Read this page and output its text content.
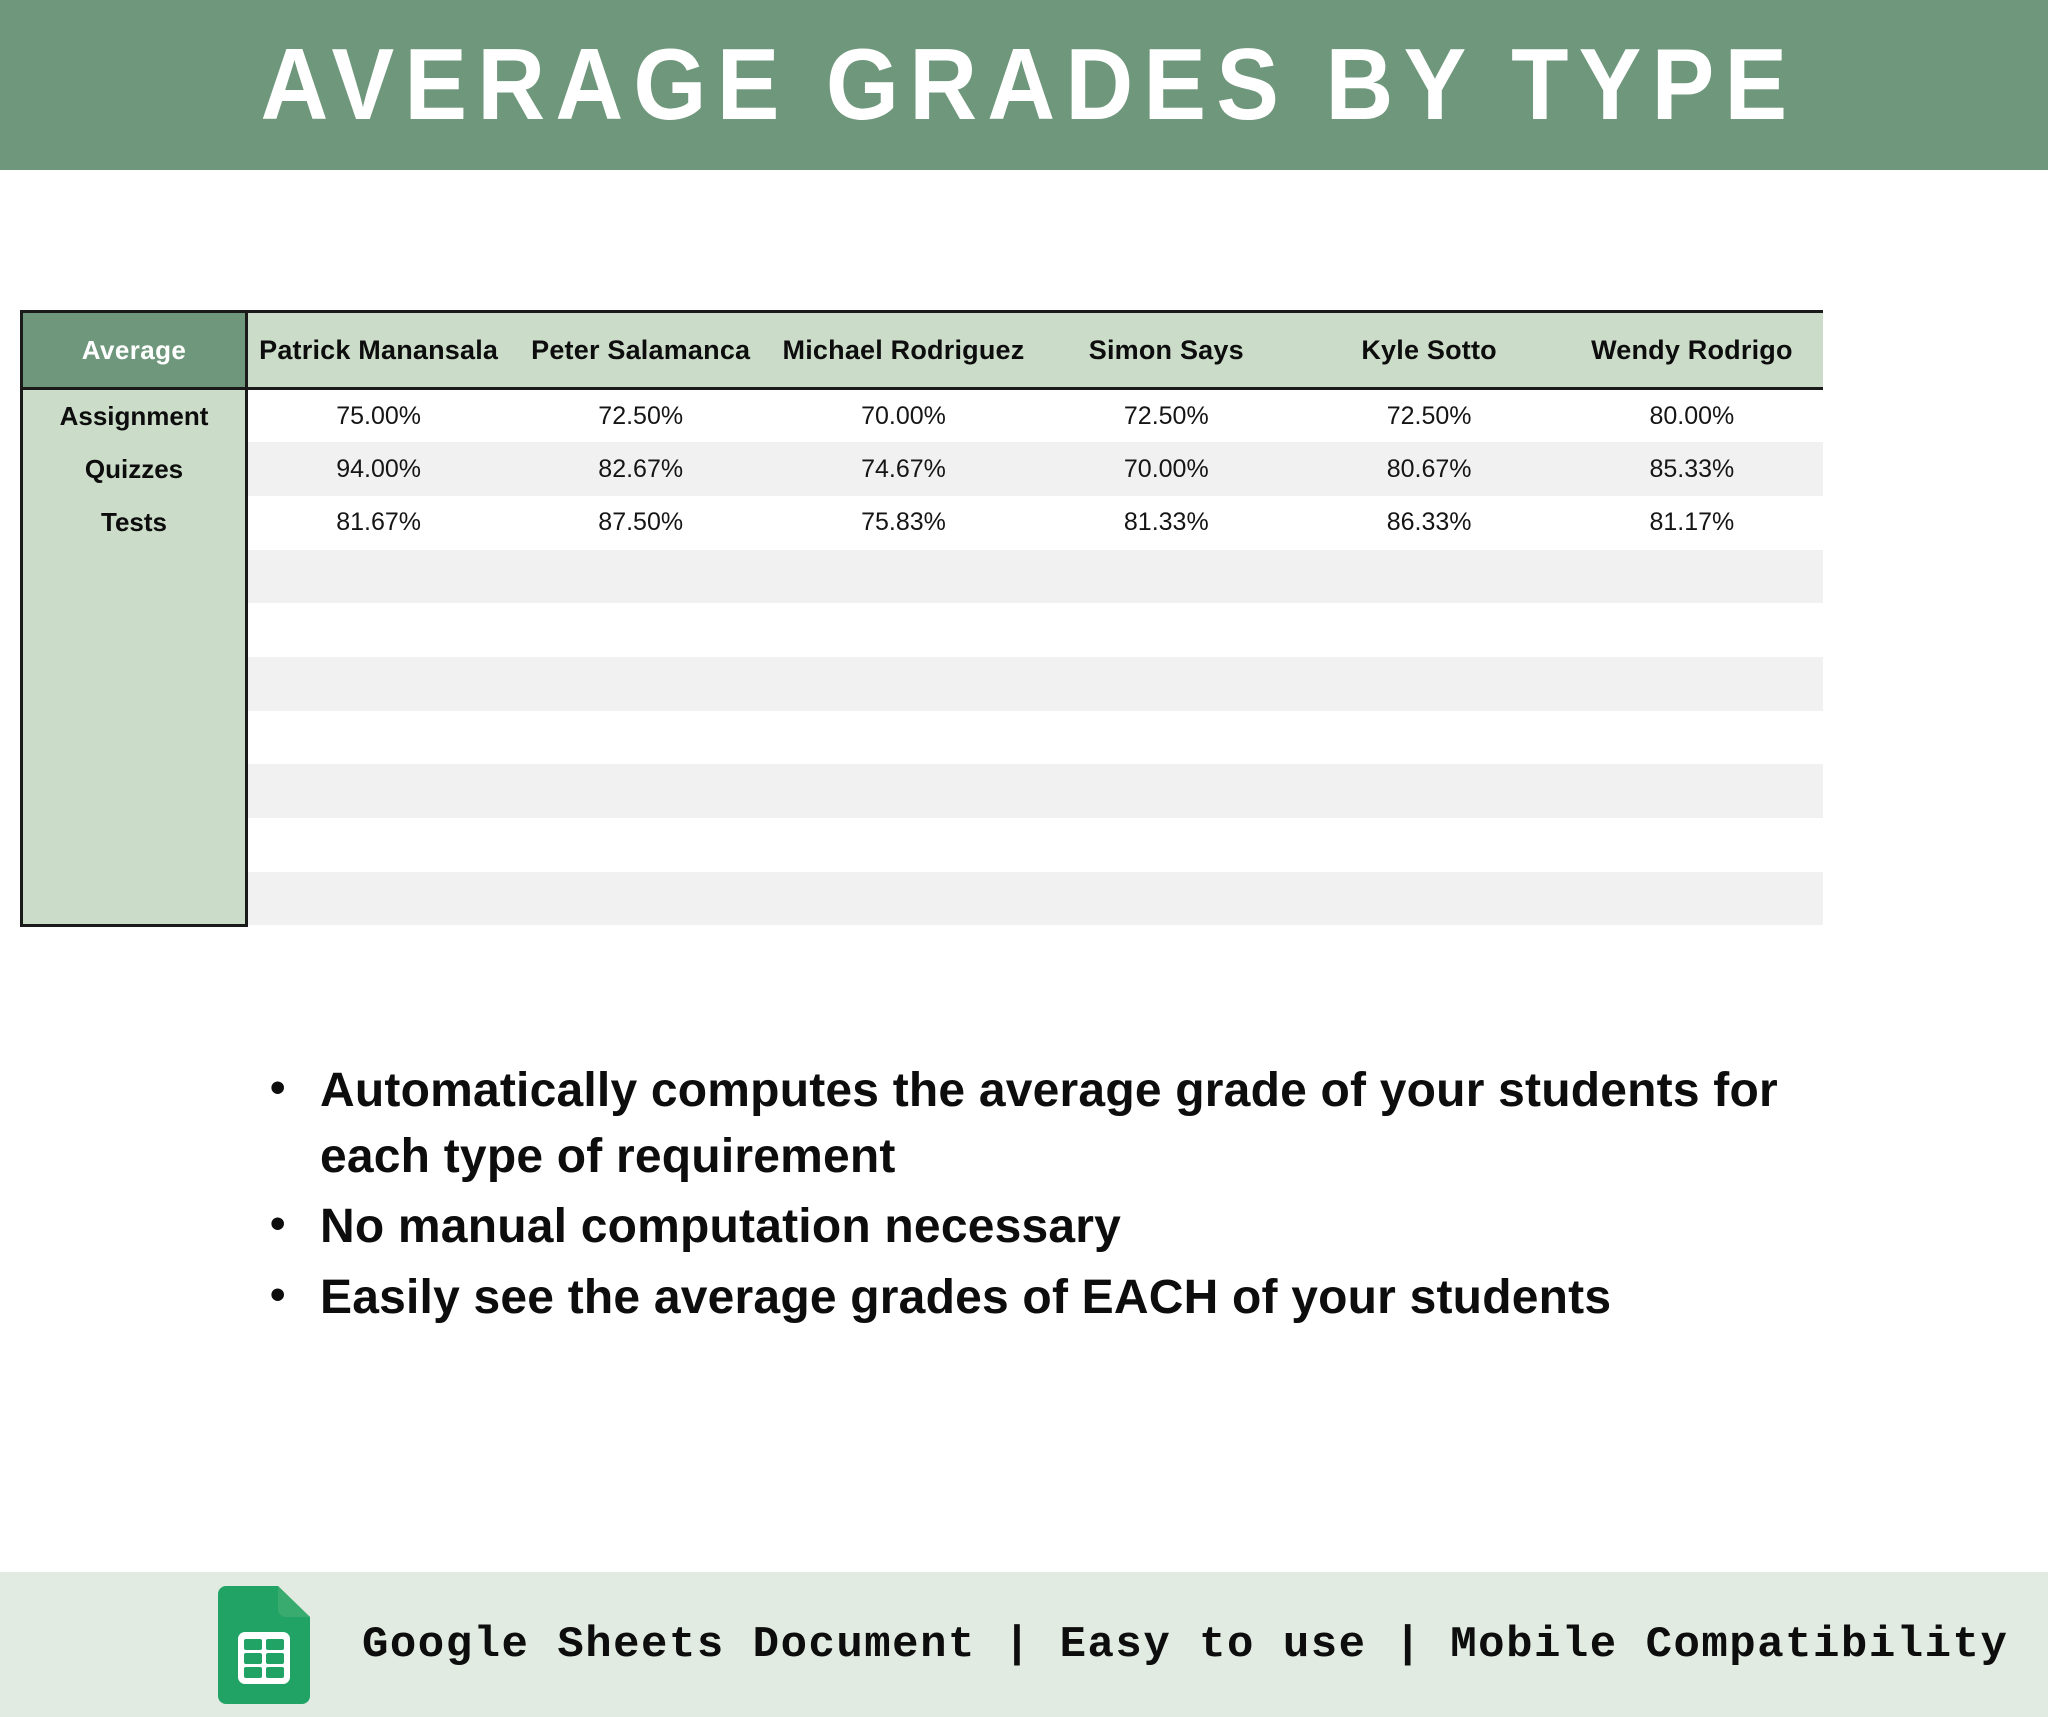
AVERAGE GRADES BY TYPE
Average	Patrick Manansala	Peter Salamanca	Michael Rodriguez	Simon Says	Kyle Sotto	Wendy Rodrigo
Assignment	75.00%	72.50%	70.00%	72.50%	72.50%	80.00%
Quizzes	94.00%	82.67%	74.67%	70.00%	80.67%	85.33%
Tests	81.67%	87.50%	75.83%	81.33%	86.33%	81.17%

• Automatically computes the average grade of your students for each type of requirement
• No manual computation necessary
• Easily see the average grades of EACH of your students
Google Sheets Document | Easy to use | Mobile Compatibility
